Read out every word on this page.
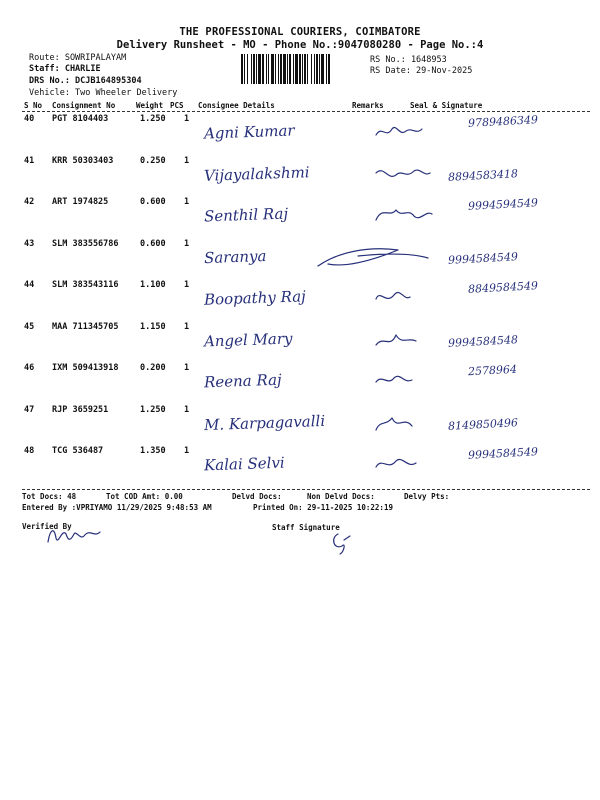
THE PROFESSIONAL COURIERS, COIMBATORE
Delivery Runsheet - MO - Phone No.:9047080280 - Page No.:4
Route: SOWRIPALAYAM
Staff: CHARLIE
DRS No.: DCJB164895304
Vehicle: Two Wheeler Delivery
RS No.: 1648953
RS Date: 29-Nov-2025
S No Consignment No	Weight PCS Consignee Details	Remarks	Seal & Signature
40 PGT 8104403	1.250 1
Agni Kumar	9789486349
41 KRR 50303403	0.250 1
Vijayalakshmi	8894583418
42 ART 1974825	0.600 1
Senthil Raj
9994594549
43 SLM 383556786	0.600 1
Saranya	9994584549
44 SLM 383543116	1.100 1
Boopathy Raj	8849584549
45 MAA 711345705	1.150 1
Angel Mary	9994584548
46 IXM 509413918	0.200 1
Reena Raj
2578964
47 RJP 3659251	1.250 1
M. Karpagavalli	8149850496
48 TCG 536487	1.350 1
Kalai Selvi
9994584549
Tot Docs: 48	Tot COD Amt: 0.00	Delvd Docs:	Non Delvd Docs:	Delvy Pts:
Entered By :VPRIYAMO 11/29/2025 9:48:53 AM	Printed On: 29-11-2025 10:22:19
Verified By	Staff Signature
